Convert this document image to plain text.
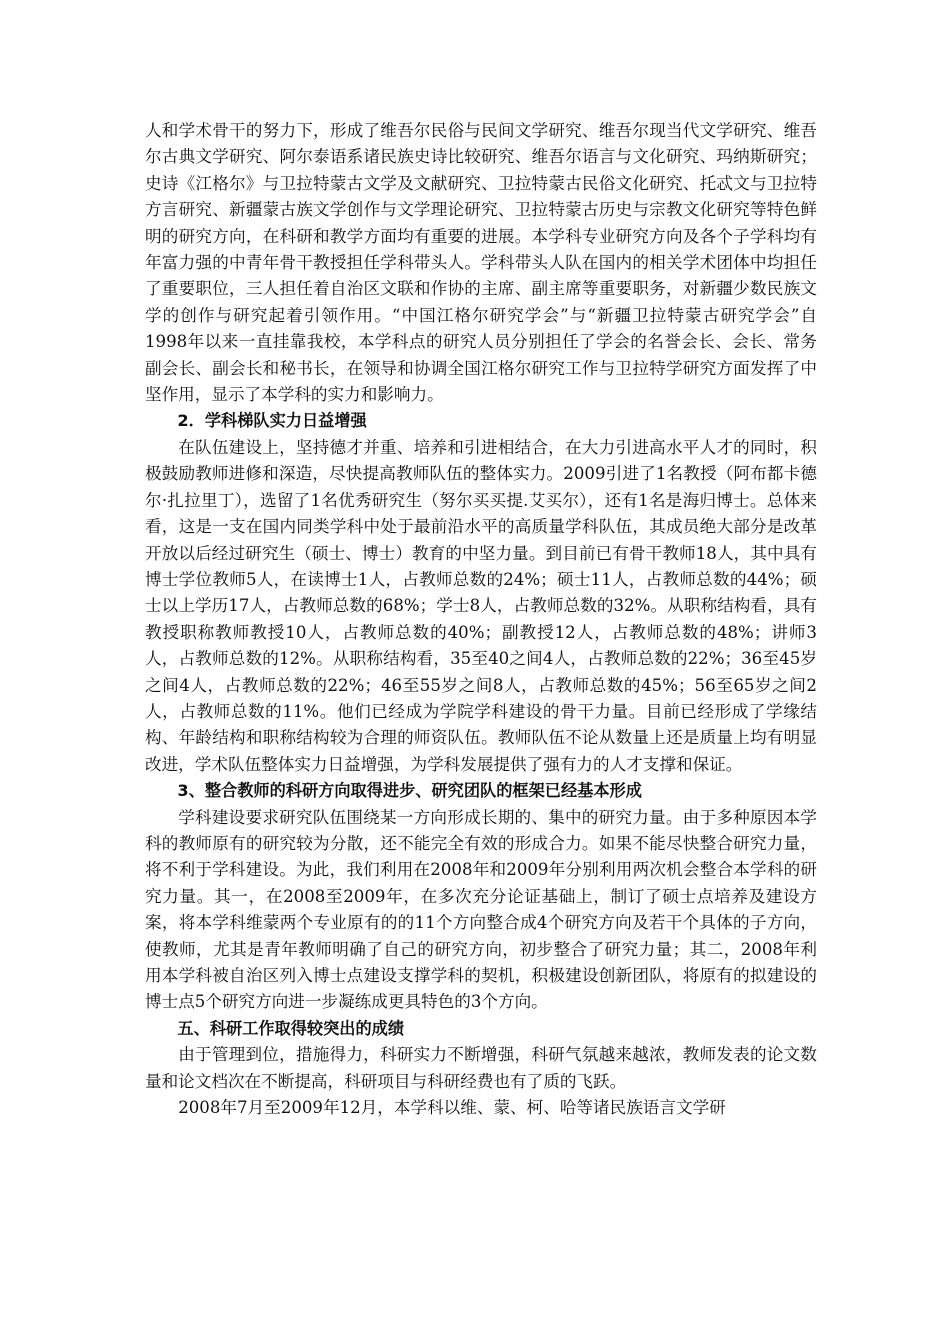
人和学术骨干的努力下，形成了维吾尔民俗与民间文学研究、维吾尔现当代文学研究、维吾尔古典文学研究、阿尔泰语系诸民族史诗比较研究、维吾尔语言与文化研究、玛纳斯研究；史诗《江格尔》与卫拉特蒙古文学及文献研究、卫拉特蒙古民俗文化研究、托忒文与卫拉特方言研究、新疆蒙古族文学创作与文学理论研究、卫拉特蒙古历史与宗教文化研究等特色鲜明的研究方向，在科研和教学方面均有重要的进展。本学科专业研究方向及各个子学科均有年富力强的中青年骨干教授担任学科带头人。学科带头人队在国内的相关学术团体中均担任了重要职位，三人担任着自治区文联和作协的主席、副主席等重要职务，对新疆少数民族文学的创作与研究起着引领作用。“中国江格尔研究学会”与“新疆卫拉特蒙古研究学会”自1998年以来一直挂靠我校，本学科点的研究人员分别担任了学会的名誉会长、会长、常务副会长、副会长和秘书长，在领导和协调全国江格尔研究工作与卫拉特学研究方面发挥了中坚作用，显示了本学科的实力和影响力。

2．学科梯队实力日益增强

在队伍建设上，坚持德才并重、培养和引进相结合，在大力引进高水平人才的同时，积极鼓励教师进修和深造，尽快提高教师队伍的整体实力。2009引进了1名教授（阿布都卡德尔·扎拉里丁），选留了1名优秀研究生（努尔买买提.艾买尔），还有1名是海归博士。总体来看，这是一支在国内同类学科中处于最前沿水平的高质量学科队伍，其成员绝大部分是改革开放以后经过研究生（硕士、博士）教育的中坚力量。到目前已有骨干教师18人，其中具有博士学位教师5人，在读博士1人，占教师总数的24%；硕士11人，占教师总数的44%；硕士以上学历17人，占教师总数的68%；学士8人，占教师总数的32%。从职称结构看，具有教授职称教师教授10人，占教师总数的40%；副教授12人，占教师总数的48%；讲师3人，占教师总数的12%。从职称结构看，35至40之间4人，占教师总数的22%；36至45岁之间4人，占教师总数的22%；46至55岁之间8人，占教师总数的45%；56至65岁之间2人，占教师总数的11%。他们已经成为学院学科建设的骨干力量。目前已经形成了学缘结构、年龄结构和职称结构较为合理的师资队伍。教师队伍不论从数量上还是质量上均有明显改进，学术队伍整体实力日益增强，为学科发展提供了强有力的人才支撑和保证。

3、整合教师的科研方向取得进步、研究团队的框架已经基本形成

学科建设要求研究队伍围绕某一方向形成长期的、集中的研究力量。由于多种原因本学科的教师原有的研究较为分散，还不能完全有效的形成合力。如果不能尽快整合研究力量，将不利于学科建设。为此，我们利用在2008年和2009年分别利用两次机会整合本学科的研究力量。其一，在2008至2009年，在多次充分论证基础上，制订了硕士点培养及建设方案，将本学科维蒙两个专业原有的的11个方向整合成4个研究方向及若干个具体的子方向，使教师，尤其是青年教师明确了自己的研究方向，初步整合了研究力量；其二，2008年利用本学科被自治区列入博士点建设支撑学科的契机，积极建设创新团队，将原有的拟建设的博士点5个研究方向进一步凝练成更具特色的3个方向。

五、科研工作取得较突出的成绩

由于管理到位，措施得力，科研实力不断增强，科研气氛越来越浓，教师发表的论文数量和论文档次在不断提高，科研项目与科研经费也有了质的飞跃。

2008年7月至2009年12月，本学科以维、蒙、柯、哈等诸民族语言文学研
